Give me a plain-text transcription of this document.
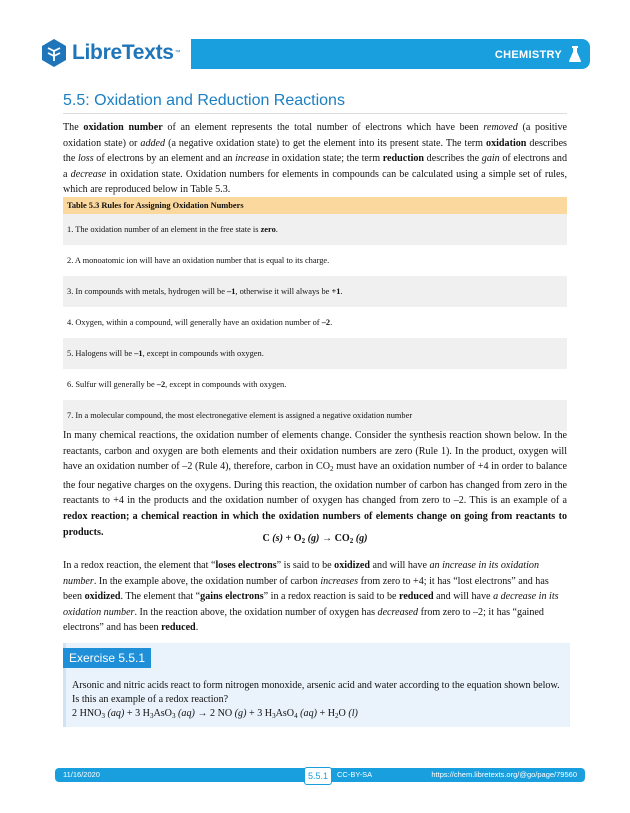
CHEMISTRY
LibreTexts ™
5.5: Oxidation and Reduction Reactions
The oxidation number of an element represents the total number of electrons which have been removed (a positive oxidation state) or added (a negative oxidation state) to get the element into its present state. The term oxidation describes the loss of electrons by an element and an increase in oxidation state; the term reduction describes the gain of electrons and a decrease in oxidation state. Oxidation numbers for elements in compounds can be calculated using a simple set of rules, which are reproduced below in Table 5.3.
Table 5.3 Rules for Assigning Oxidation Numbers
1. The oxidation number of an element in the free state is zero.
2. A monoatomic ion will have an oxidation number that is equal to its charge.
3. In compounds with metals, hydrogen will be –1, otherwise it will always be +1.
4. Oxygen, within a compound, will generally have an oxidation number of –2.
5. Halogens will be –1, except in compounds with oxygen.
6. Sulfur will generally be –2, except in compounds with oxygen.
7. In a molecular compound, the most electronegative element is assigned a negative oxidation number
In many chemical reactions, the oxidation number of elements change. Consider the synthesis reaction shown below. In the reactants, carbon and oxygen are both elements and their oxidation numbers are zero (Rule 1). In the product, oxygen will have an oxidation number of –2 (Rule 4), therefore, carbon in $CO_2$ must have an oxidation number of +4 in order to balance the four negative charges on the oxygens. During this reaction, the oxidation number of carbon has changed from zero in the reactants to +4 in the products and the oxidation number of oxygen has changed from zero to –2. This is an example of a redox reaction; a chemical reaction in which the oxidation numbers of elements change on going from reactants to products.
C $(s) + O_2$ $(g) \to CO_2$ (g)
In a redox reaction, the element that “loses electrons” is said to be oxidized and will have an increase in its oxidation number. In the example above, the oxidation number of carbon increases from zero to +4; it has “lost electrons” and has been oxidized. The element that “gains electrons” in a redox reaction is said to be reduced and will have a decrease in its oxidation number. In the reaction above, the oxidation number of oxygen has decreased from zero to –2; it has “gained electrons” and has been reduced.
Exercise 5.5.1
Arsonic and nitric acids react to form nitrogen monoxide, arsenic acid and water according to the equation shown below.
Is this an example of a redox reaction?
2 $HNO_3$ (aq) + 3 $H_3AsO_3$ (aq) → 2 NO (g) + 3 $H_3AsO_4$ $(aq) + H_2O$ (l)
11/16/2020	CC-BY-SA	https://chem.libretexts.org/@go/page/79560
5.5.1
